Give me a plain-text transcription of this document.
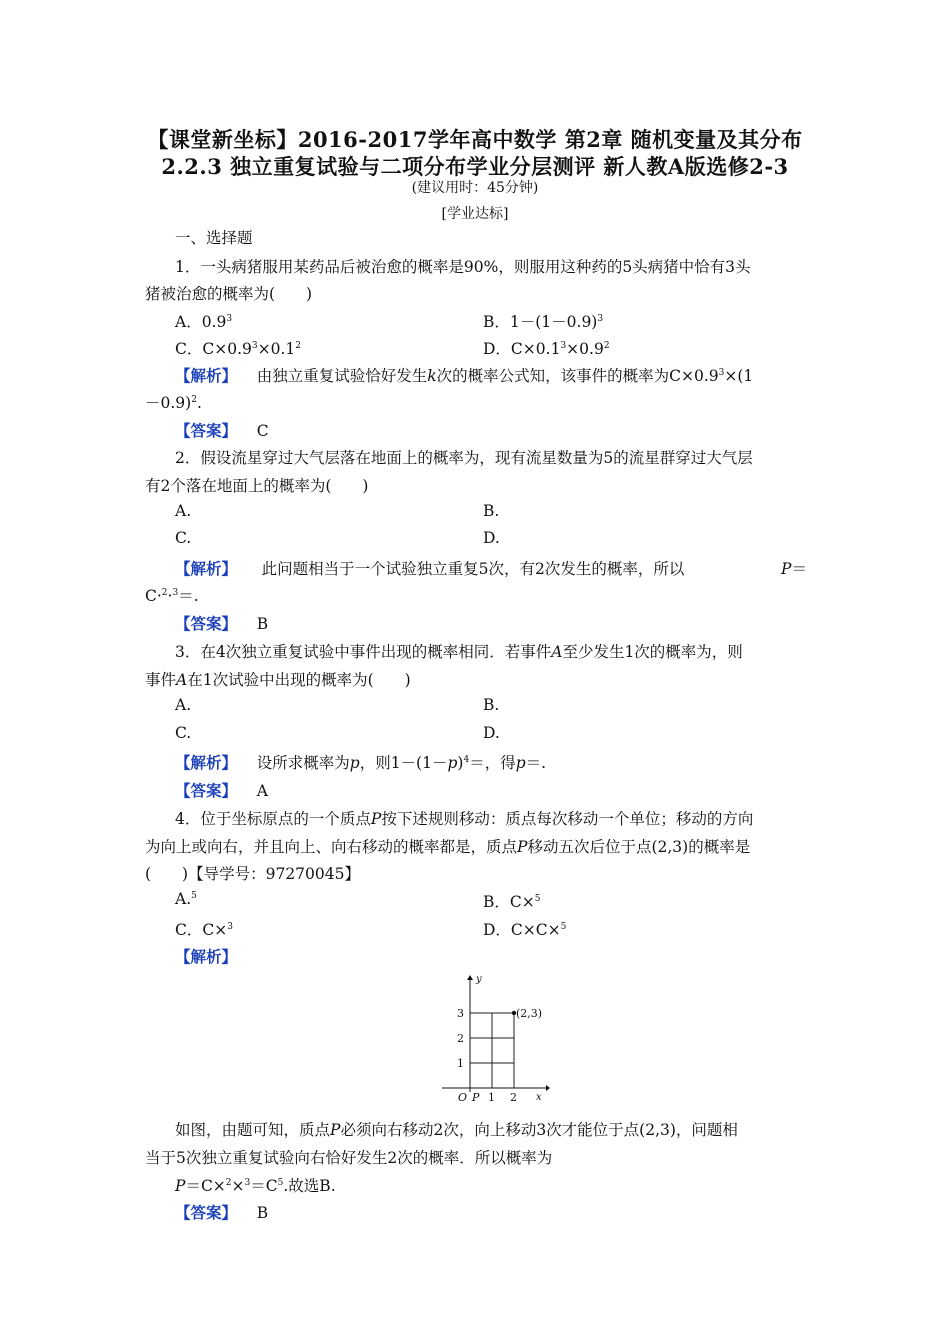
【课堂新坐标】2016-2017学年高中数学 第2章 随机变量及其分布
2.2.3 独立重复试验与二项分布学业分层测评 新人教A版选修2-3
(建议用时：45分钟)
[学业达标]
一、选择题
1．一头病猪服用某药品后被治愈的概率是90%，则服用这种药的5头病猪中恰有3头
猪被治愈的概率为(　　)
A．$0.9^3$	B．$1-(1-0.9)^3$
C．$C\times 0.9^3\times 0.1^2$	D．$C\times 0.1^3\times 0.9^2$
【解析】 由独立重复试验恰好发生k次的概率公式知，该事件的概率为$C\times 0.9^3\times(1$
－0.9)$^2$.
【答案】 C
2．假设流星穿过大气层落在地面上的概率为，现有流星数量为5的流星群穿过大气层
有2个落在地面上的概率为(　　)
A.	B.
C.	D.
【解析】 此问题相当于一个试验独立重复5次，有2次发生的概率，所以	P＝
C·$^2$·$^3$＝.
【答案】 B
3．在4次独立重复试验中事件出现的概率相同．若事件A至少发生1次的概率为，则
事件A在1次试验中出现的概率为(　　)
A.	B.
C.	D.
【解析】 设所求概率为p，则$1-(1-p)^4=$，得p＝.
【答案】 A
4．位于坐标原点的一个质点P按下述规则移动：质点每次移动一个单位；移动的方向
为向上或向右，并且向上、向右移动的概率都是，质点P移动五次后位于点(2,3)的概率是
(　　)【导学号：97270045】
A.$^5$	B．C×$^5$
C．C×$^3$	D．C×C×$^5$
【解析】
(2,3)
y
x
O P 1 2
1
2
3
如图，由题可知，质点P必须向右移动2次，向上移动3次才能位于点(2,3)，问题相
当于5次独立重复试验向右恰好发生2次的概率．所以概率为
$P=C\times^2\times^3=C^5$.故选B.
【答案】 B
